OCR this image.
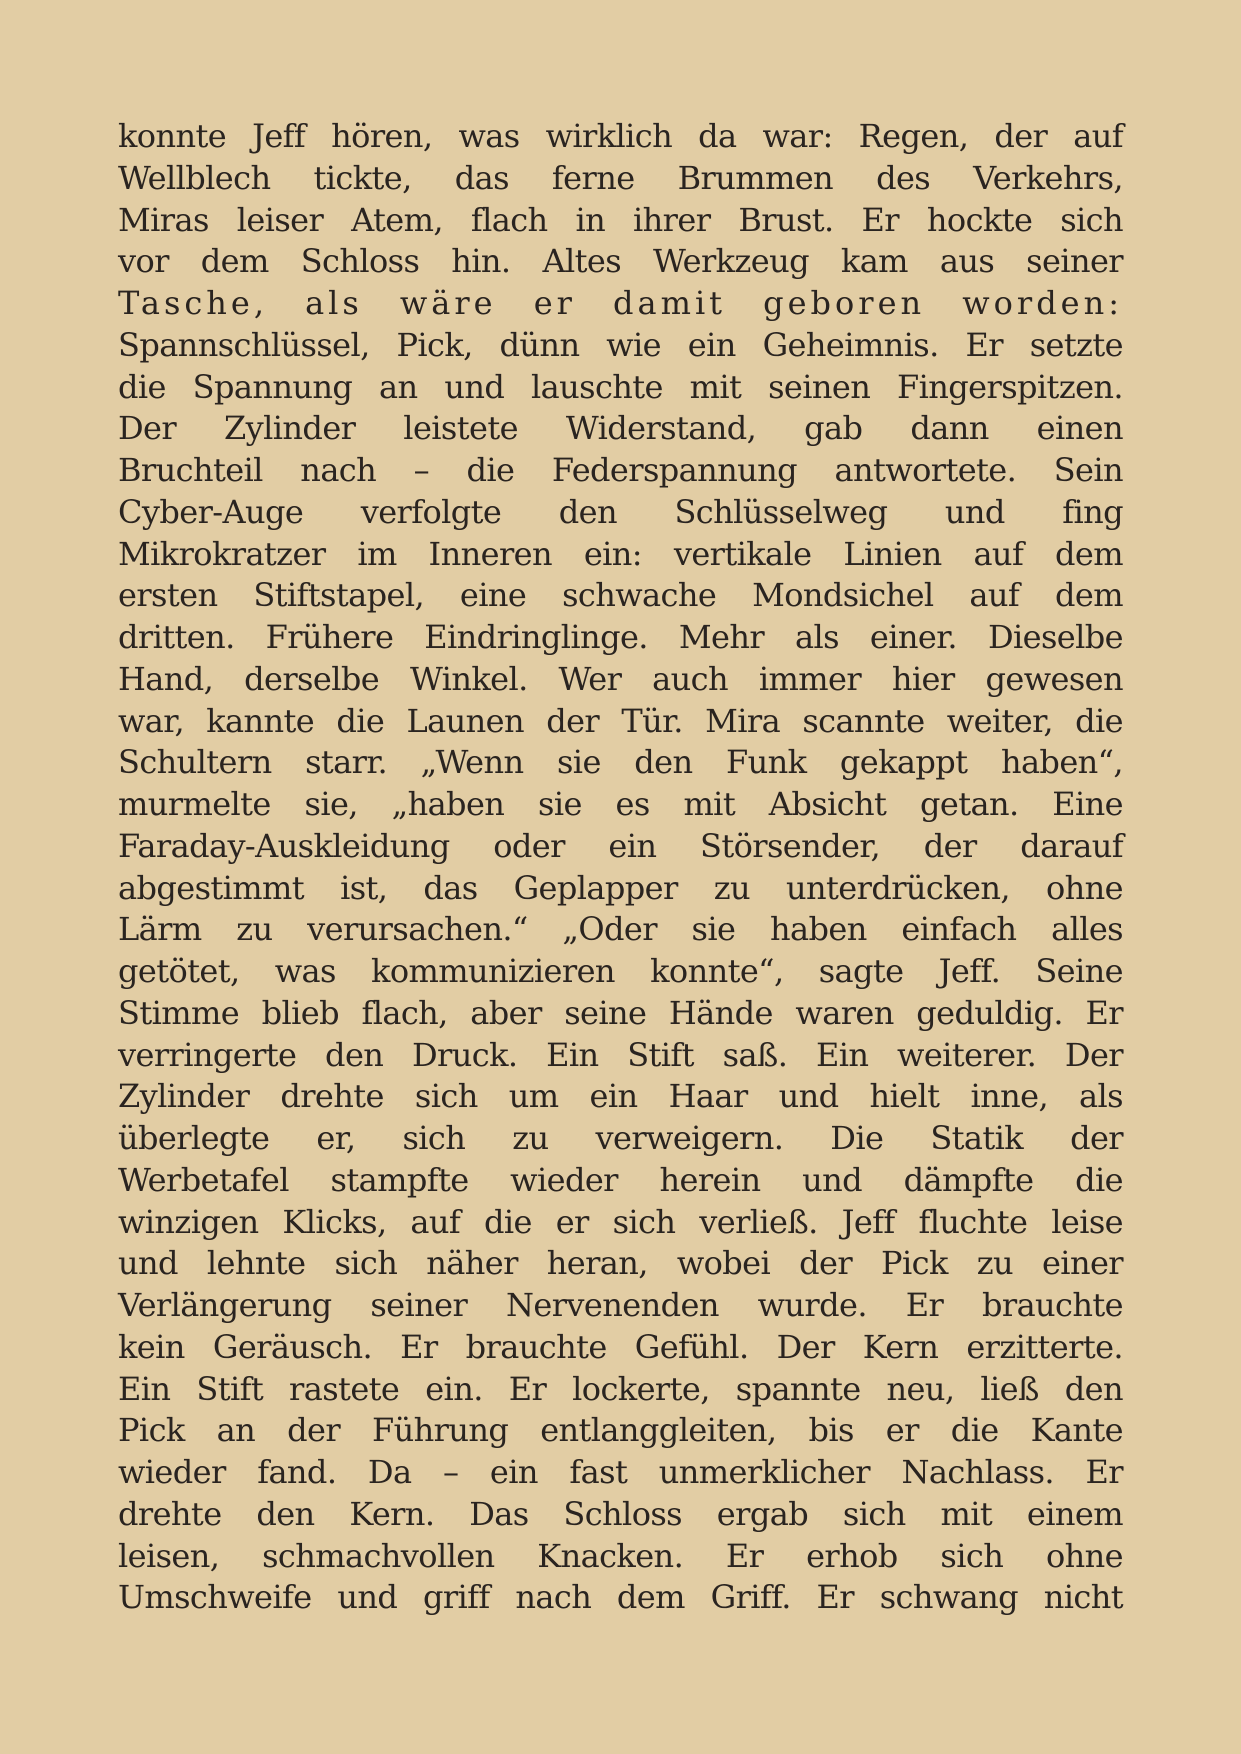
konnte Jeff hören, was wirklich da war: Regen, der auf
Wellblech tickte, das ferne Brummen des Verkehrs,
Miras leiser Atem, flach in ihrer Brust. Er hockte sich
vor dem Schloss hin. Altes Werkzeug kam aus seiner
Tasche, als wäre er damit geboren worden:
Spannschlüssel, Pick, dünn wie ein Geheimnis. Er setzte
die Spannung an und lauschte mit seinen Fingerspitzen.
Der Zylinder leistete Widerstand, gab dann einen
Bruchteil nach – die Federspannung antwortete. Sein
Cyber-Auge verfolgte den Schlüsselweg und fing
Mikrokratzer im Inneren ein: vertikale Linien auf dem
ersten Stiftstapel, eine schwache Mondsichel auf dem
dritten. Frühere Eindringlinge. Mehr als einer. Dieselbe
Hand, derselbe Winkel. Wer auch immer hier gewesen
war, kannte die Launen der Tür. Mira scannte weiter, die
Schultern starr. „Wenn sie den Funk gekappt haben“,
murmelte sie, „haben sie es mit Absicht getan. Eine
Faraday-Auskleidung oder ein Störsender, der darauf
abgestimmt ist, das Geplapper zu unterdrücken, ohne
Lärm zu verursachen.“ „Oder sie haben einfach alles
getötet, was kommunizieren konnte“, sagte Jeff. Seine
Stimme blieb flach, aber seine Hände waren geduldig. Er
verringerte den Druck. Ein Stift saß. Ein weiterer. Der
Zylinder drehte sich um ein Haar und hielt inne, als
überlegte er, sich zu verweigern. Die Statik der
Werbetafel stampfte wieder herein und dämpfte die
winzigen Klicks, auf die er sich verließ. Jeff fluchte leise
und lehnte sich näher heran, wobei der Pick zu einer
Verlängerung seiner Nervenenden wurde. Er brauchte
kein Geräusch. Er brauchte Gefühl. Der Kern erzitterte.
Ein Stift rastete ein. Er lockerte, spannte neu, ließ den
Pick an der Führung entlanggleiten, bis er die Kante
wieder fand. Da – ein fast unmerklicher Nachlass. Er
drehte den Kern. Das Schloss ergab sich mit einem
leisen, schmachvollen Knacken. Er erhob sich ohne
Umschweife und griff nach dem Griff. Er schwang nicht
